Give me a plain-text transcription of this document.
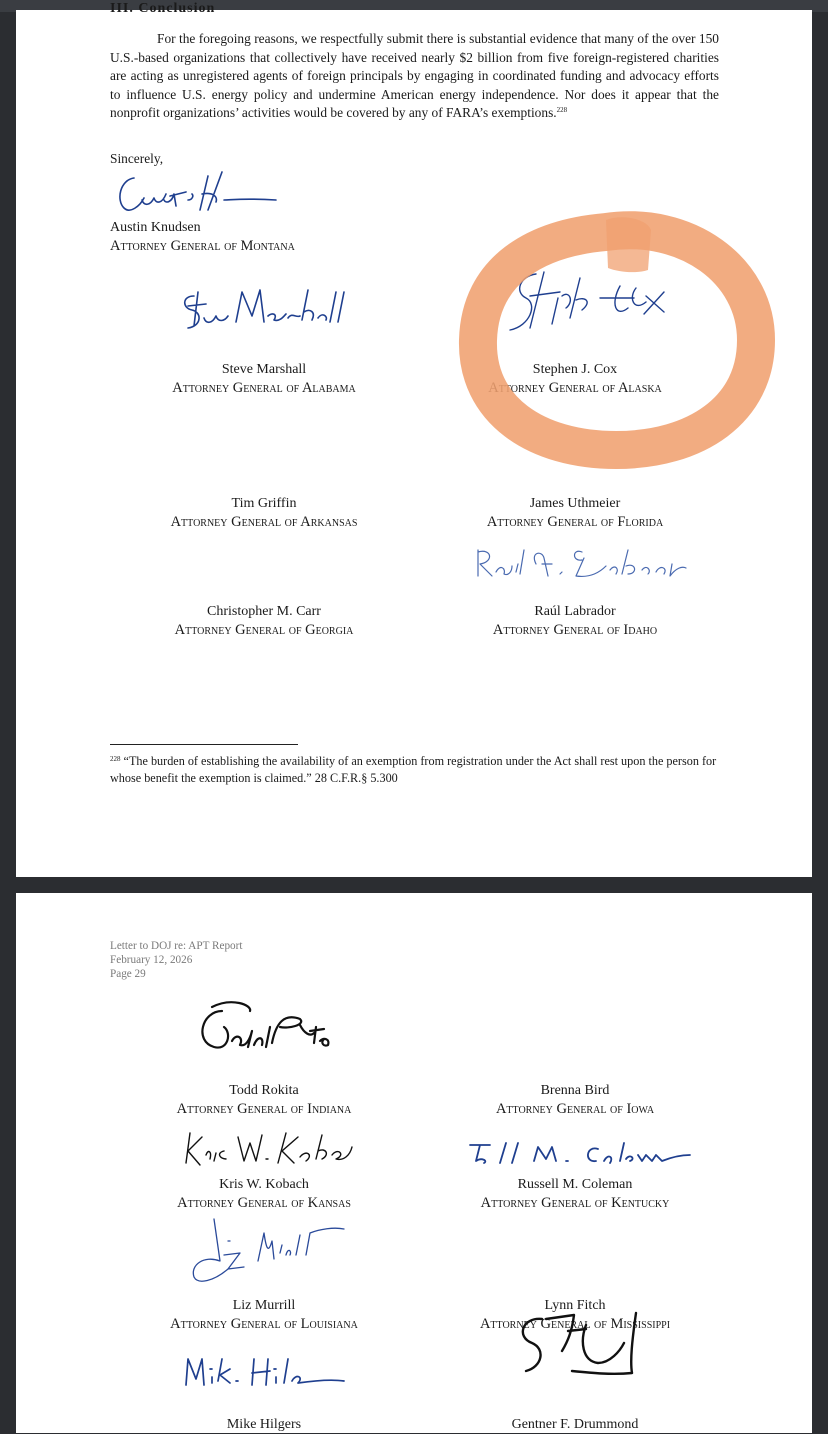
III. Conclusion

For the foregoing reasons, we respectfully submit there is substantial evidence that many of the over 150 U.S.-based organizations that collectively have received nearly $2 billion from five foreign-registered charities are acting as unregistered agents of foreign principals by engaging in coordinated funding and advocacy efforts to influence U.S. energy policy and undermine American energy independence. Nor does it appear that the nonprofit organizations’ activities would be covered by any of FARA’s exemptions.$^{228}$

Sincerely,
Austin Knudsen
Attorney General of Montana
Steve Marshall
Attorney General of Alabama
Stephen J. Cox
Attorney General of Alaska
Tim Griffin
Attorney General of Arkansas
James Uthmeier
Attorney General of Florida
Christopher M. Carr
Attorney General of Georgia
Raúl Labrador
Attorney General of Idaho

$^{228}$ “The burden of establishing the availability of an exemption from registration under the Act shall rest upon the person for whose benefit the exemption is claimed.” 28 C.F.R.§ 5.300

Letter to DOJ re: APT Report
February 12, 2026
Page 29
Todd Rokita
Attorney General of Indiana
Brenna Bird
Attorney General of Iowa
Kris W. Kobach
Attorney General of Kansas
Russell M. Coleman
Attorney General of Kentucky
Liz Murrill
Attorney General of Louisiana
Lynn Fitch
Attorney General of Mississippi
Mike Hilgers	Gentner F. Drummond
